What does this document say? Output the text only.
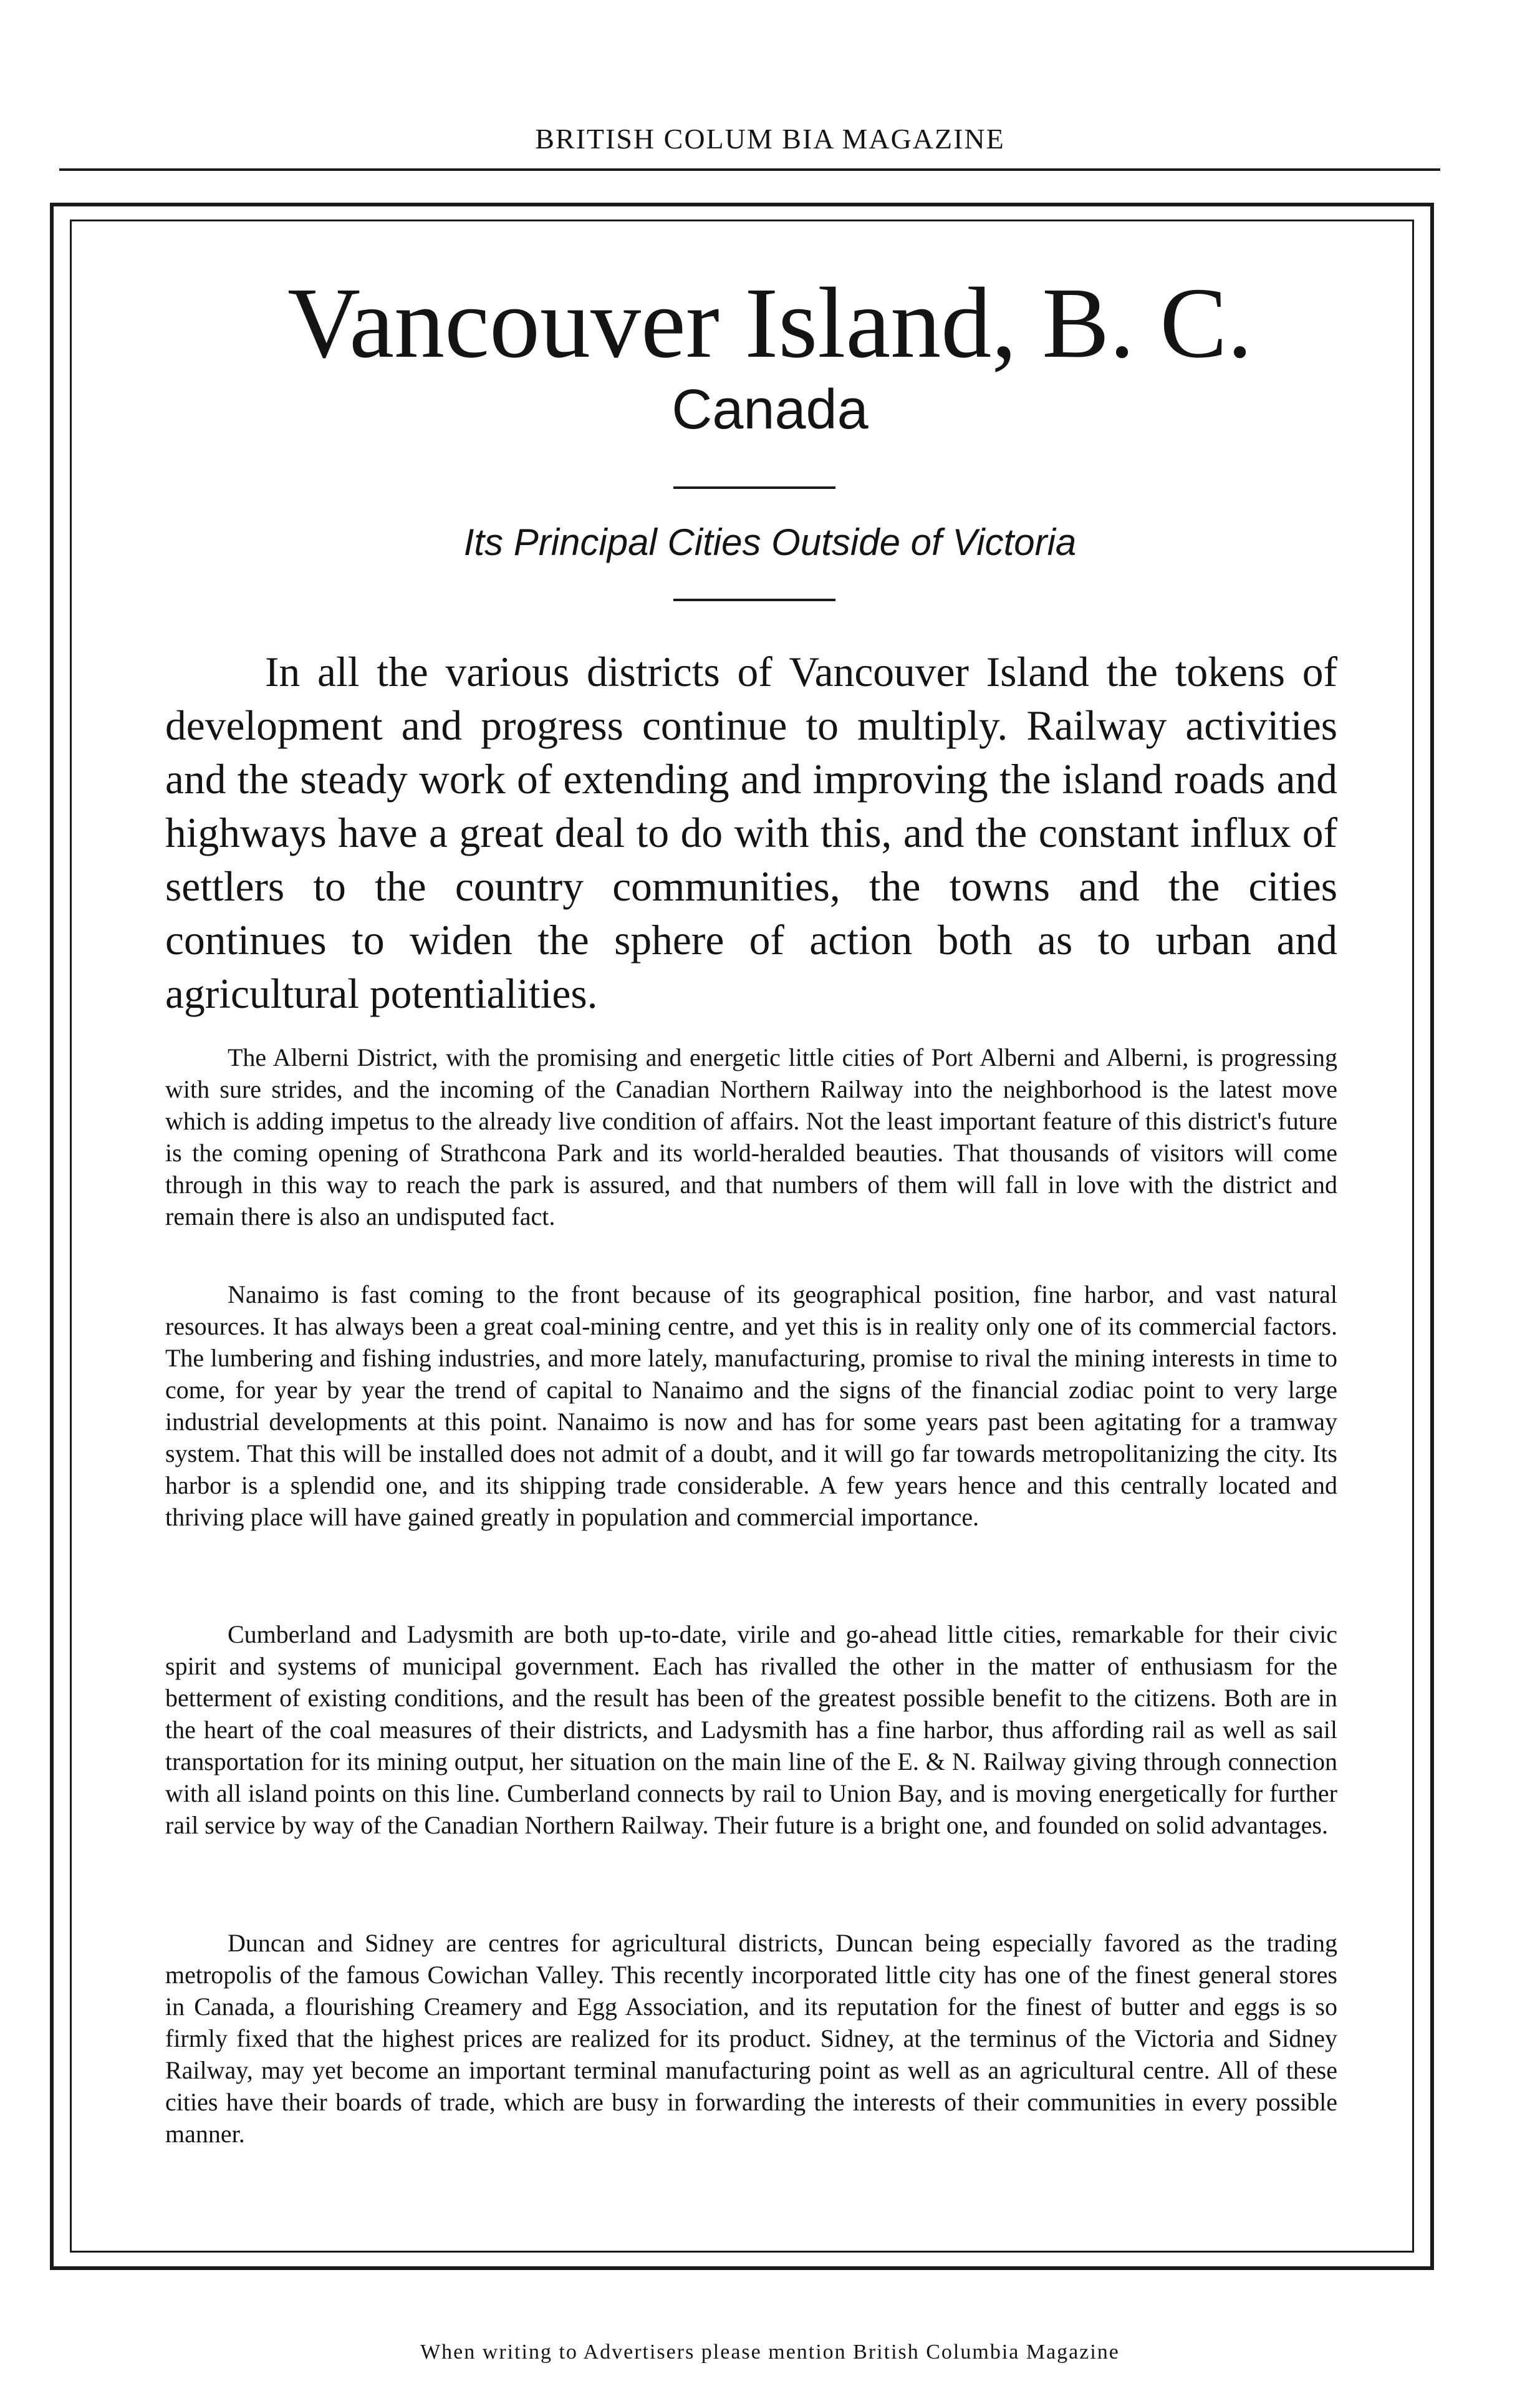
BRITISH COLUM BIA MAGAZINE
Vancouver Island, B. C.
Canada
Its Principal Cities Outside of Victoria

In all the various districts of Vancouver Island the tokens of development and progress continue to multiply. Railway activities and the steady work of extending and improving the island roads and highways have a great deal to do with this, and the constant influx of settlers to the country communities, the towns and the cities continues to widen the sphere of action both as to urban and agricultural potentialities.

The Alberni District, with the promising and energetic little cities of Port Alberni and Alberni, is progressing with sure strides, and the incoming of the Canadian Northern Railway into the neighborhood is the latest move which is adding impetus to the already live condition of affairs. Not the least important feature of this district's future is the coming opening of Strathcona Park and its world-heralded beauties. That thousands of visitors will come through in this way to reach the park is assured, and that numbers of them will fall in love with the district and remain there is also an undisputed fact.

Nanaimo is fast coming to the front because of its geographical position, fine harbor, and vast natural resources. It has always been a great coal-mining centre, and yet this is in reality only one of its commercial factors. The lumbering and fishing industries, and more lately, manufacturing, promise to rival the mining interests in time to come, for year by year the trend of capital to Nanaimo and the signs of the financial zodiac point to very large industrial developments at this point. Nanaimo is now and has for some years past been agitating for a tramway system. That this will be installed does not admit of a doubt, and it will go far towards metropolitanizing the city. Its harbor is a splendid one, and its shipping trade considerable. A few years hence and this centrally located and thriving place will have gained greatly in population and commercial importance.

Cumberland and Ladysmith are both up-to-date, virile and go-ahead little cities, remarkable for their civic spirit and systems of municipal government. Each has rivalled the other in the matter of enthusiasm for the betterment of existing conditions, and the result has been of the greatest possible benefit to the citizens. Both are in the heart of the coal measures of their districts, and Ladysmith has a fine harbor, thus affording rail as well as sail transportation for its mining output, her situation on the main line of the E. & N. Railway giving through connection with all island points on this line. Cumberland connects by rail to Union Bay, and is moving energetically for further rail service by way of the Canadian Northern Railway. Their future is a bright one, and founded on solid advantages.

Duncan and Sidney are centres for agricultural districts, Duncan being especially favored as the trading metropolis of the famous Cowichan Valley. This recently incorporated little city has one of the finest general stores in Canada, a flourishing Creamery and Egg Association, and its reputation for the finest of butter and eggs is so firmly fixed that the highest prices are realized for its product. Sidney, at the terminus of the Victoria and Sidney Railway, may yet become an important terminal manufacturing point as well as an agricultural centre. All of these cities have their boards of trade, which are busy in forwarding the interests of their communities in every possible manner.

When writing to Advertisers please mention British Columbia Magazine
